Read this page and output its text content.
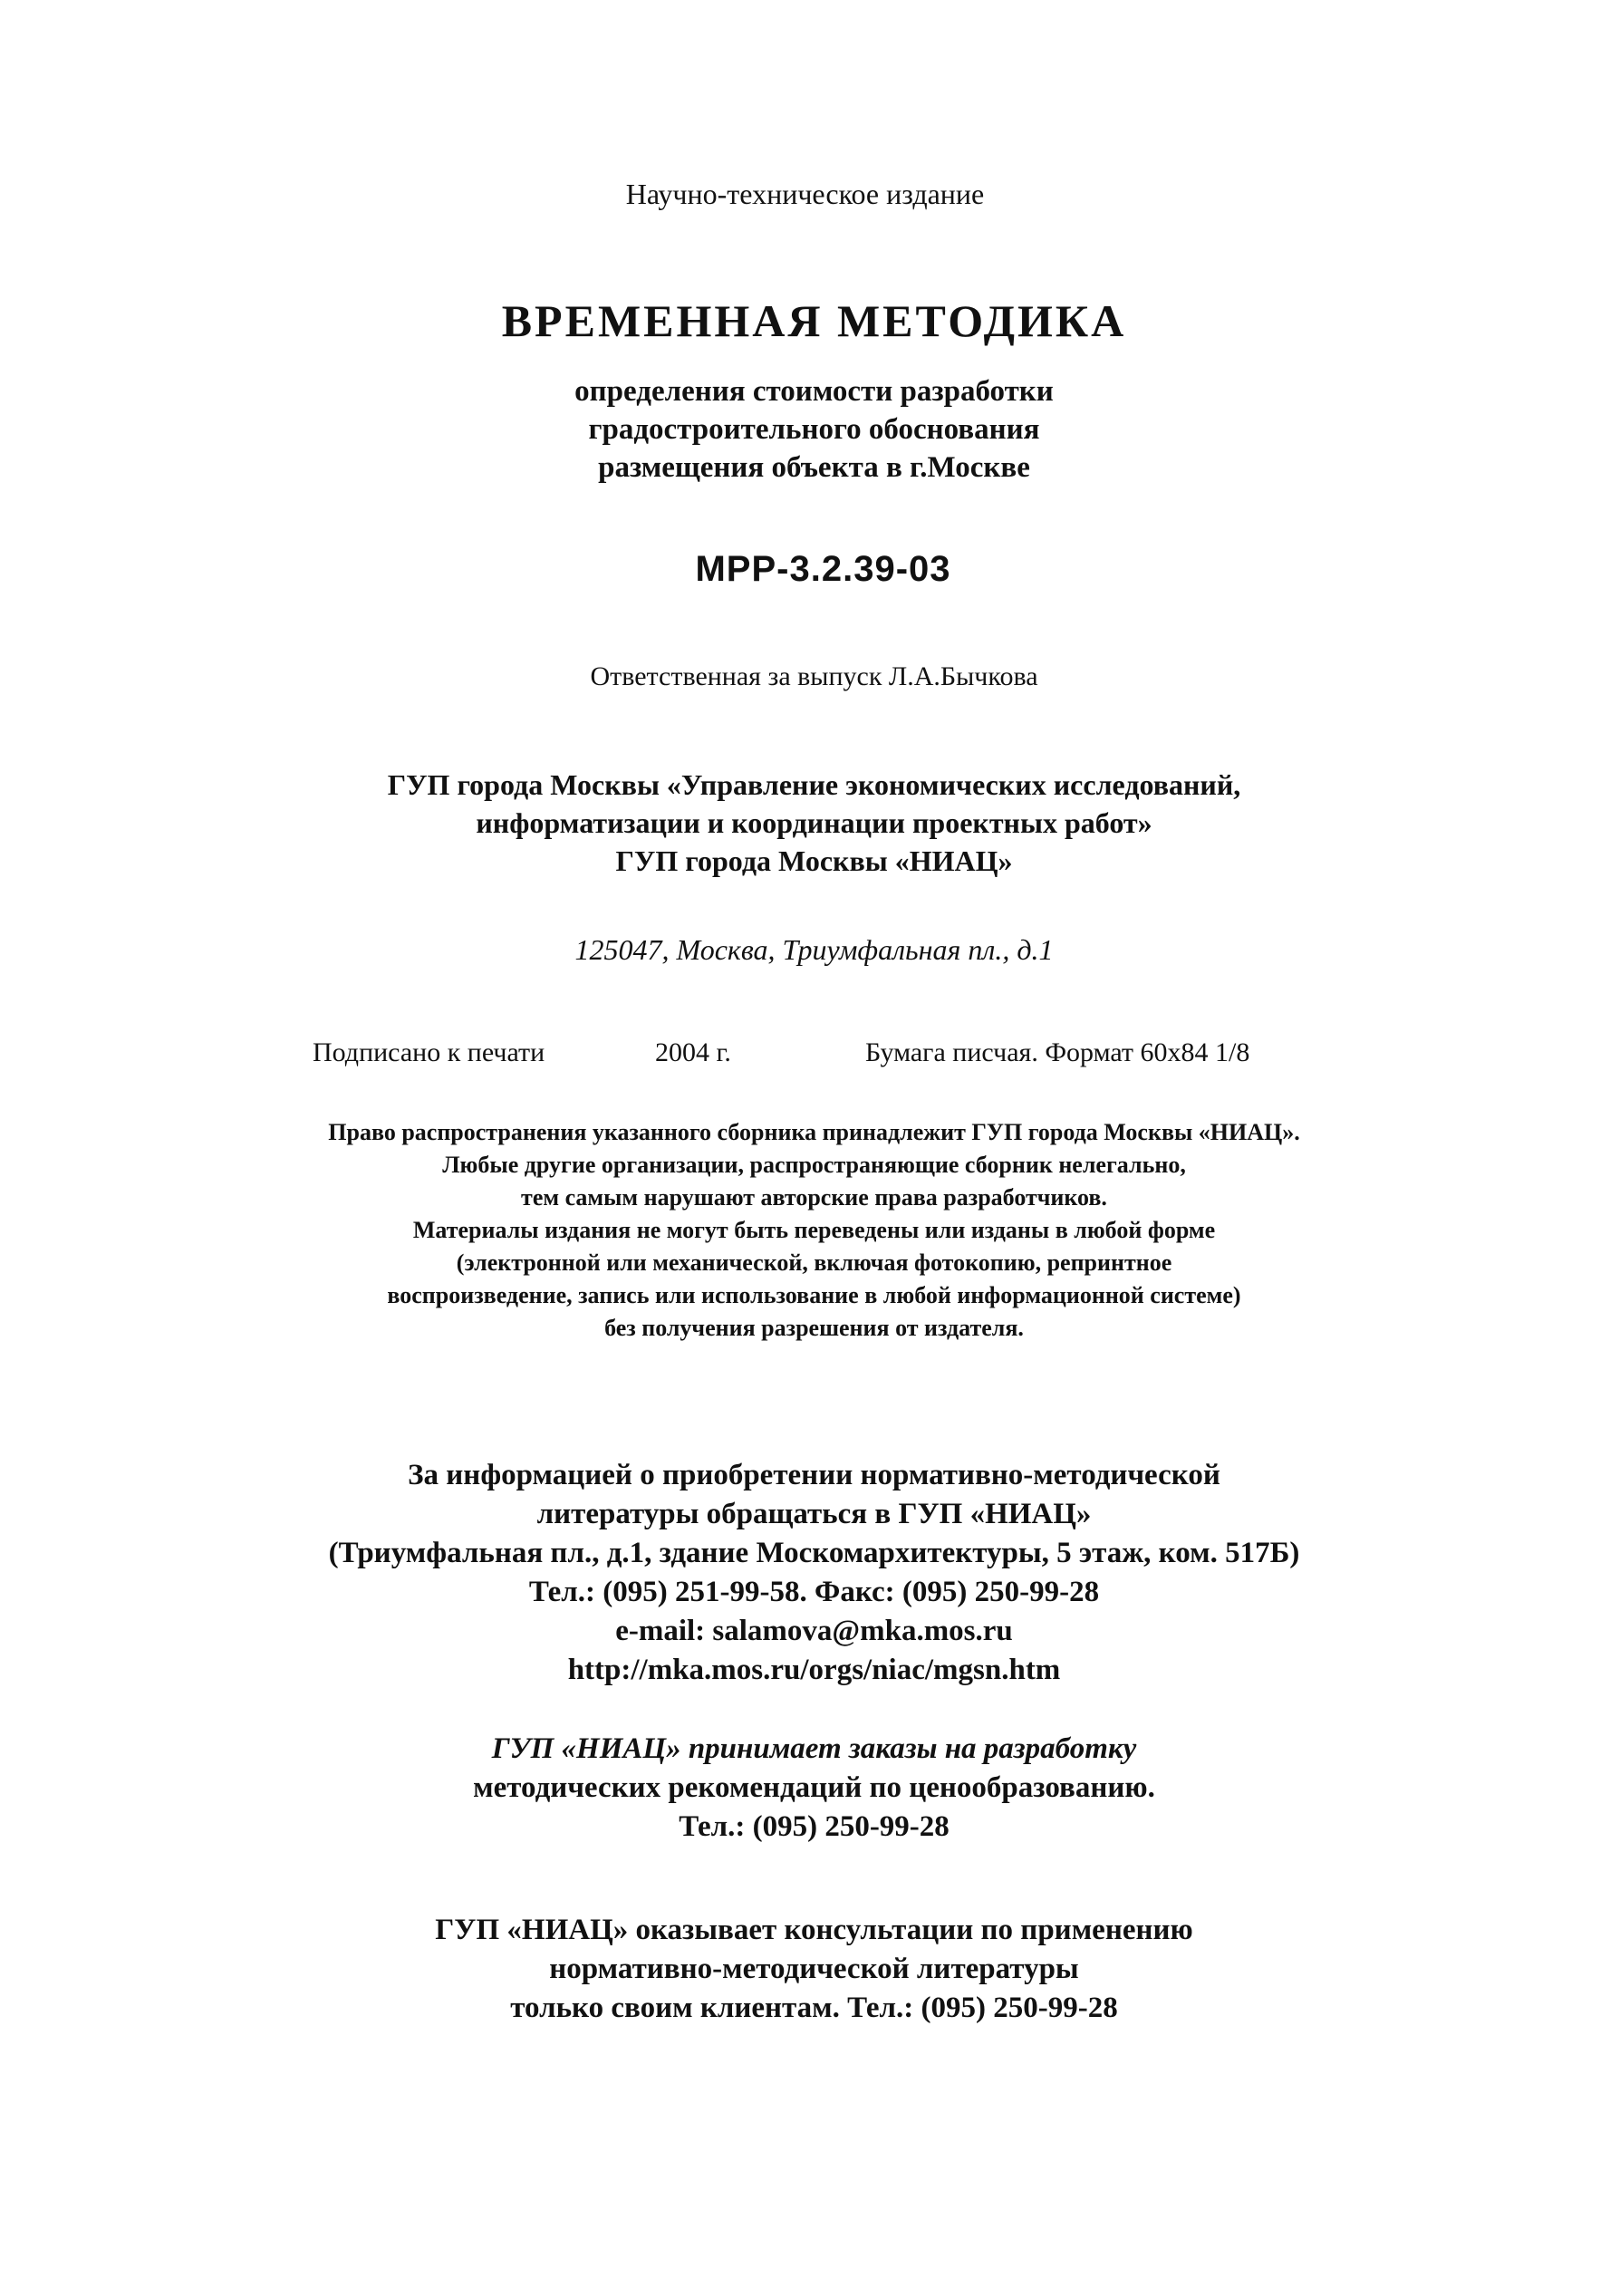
Научно-техническое издание

ВРЕМЕННАЯ МЕТОДИКА

определения стоимости разработки

градостроительного обоснования

размещения объекта в г.Москве

МРР-3.2.39-03

Ответственная за выпуск Л.А.Бычкова

ГУП города Москвы «Управление экономических исследований,

информатизации и координации проектных работ»

ГУП города Москвы «НИАЦ»

125047, Москва, Триумфальная пл., д.1

Подписано к печати	2004 г.	Бумага писчая. Формат 60х84 1/8

Право распространения указанного сборника принадлежит ГУП города Москвы «НИАЦ».

Любые другие организации, распространяющие сборник нелегально,

тем самым нарушают авторские права разработчиков.

Материалы издания не могут быть переведены или изданы в любой форме

(электронной или механической, включая фотокопию, репринтное

воспроизведение, запись или использование в любой информационной системе)

без получения разрешения от издателя.

За информацией о приобретении нормативно-методической

литературы обращаться в ГУП «НИАЦ»

(Триумфальная пл., д.1, здание Москомархитектуры, 5 этаж, ком. 517Б)

Тел.: (095) 251-99-58. Факс: (095) 250-99-28

e-mail: salamova@mka.mos.ru

http://mka.mos.ru/orgs/niac/mgsn.htm

ГУП «НИАЦ» принимает заказы на разработку

методических рекомендаций по ценообразованию.

Тел.: (095) 250-99-28

ГУП «НИАЦ» оказывает консультации по применению

нормативно-методической литературы

только своим клиентам. Тел.: (095) 250-99-28
